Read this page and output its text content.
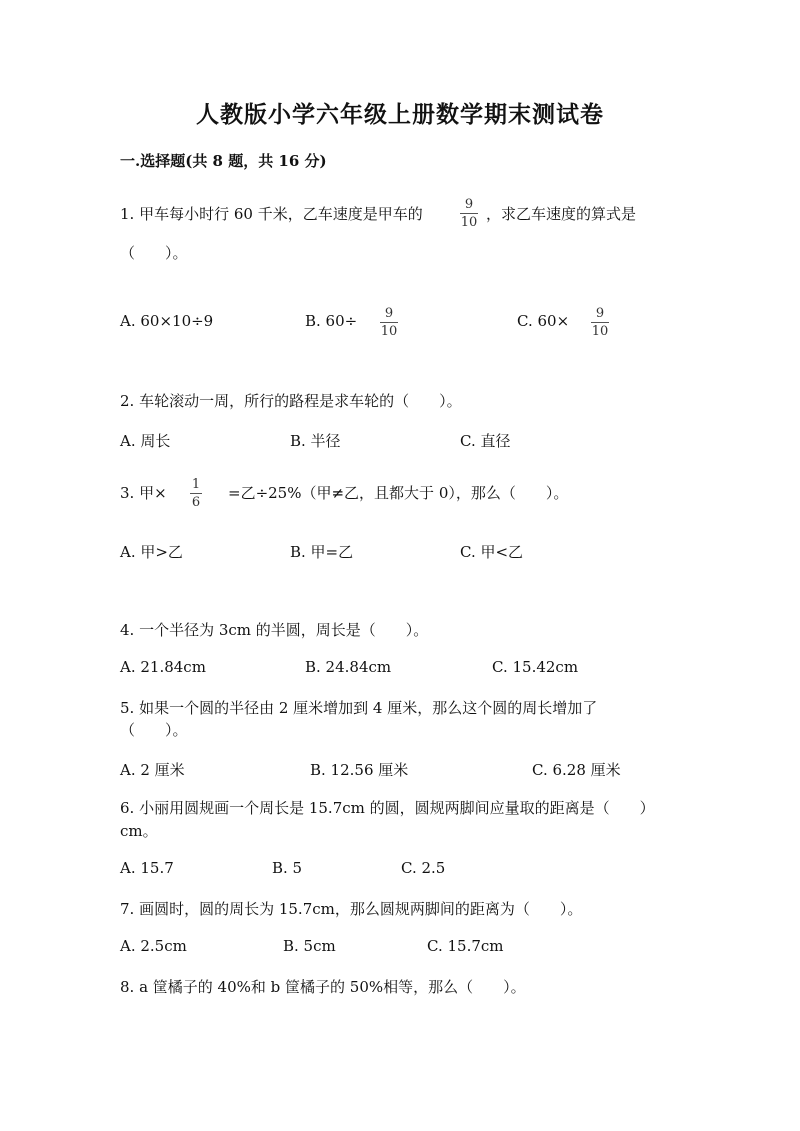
人教版小学六年级上册数学期末测试卷
一.选择题(共 8 题，共 16 分)
1. 甲车每小时行 60 千米，乙车速度是甲车的
9
10 ，求乙车速度的算式是
（　　）。
A. 60×10÷9	B. 60÷ 9
10
C. 60× 9
10
2. 车轮滚动一周，所行的路程是求车轮的（　　）。
A. 周长	B. 半径	C. 直径
3. 甲× 1
6
=乙÷25%（甲≠乙，且都大于 0），那么（　　）。
A. 甲>乙	B. 甲=乙	C. 甲<乙
4. 一个半径为 3cm 的半圆，周长是（　　）。
A. 21.84cm	B. 24.84cm	C. 15.42cm
5. 如果一个圆的半径由 2 厘米增加到 4 厘米，那么这个圆的周长增加了
（　　）。
A. 2 厘米	B. 12.56 厘米	C. 6.28 厘米
6. 小丽用圆规画一个周长是 15.7cm 的圆，圆规两脚间应量取的距离是（　　）
cm。
A. 15.7	B. 5	C. 2.5
7. 画圆时，圆的周长为 15.7cm，那么圆规两脚间的距离为（　　）。
A. 2.5cm	B. 5cm	C. 15.7cm
8. a 筐橘子的 40%和 b 筐橘子的 50%相等，那么（　　）。
